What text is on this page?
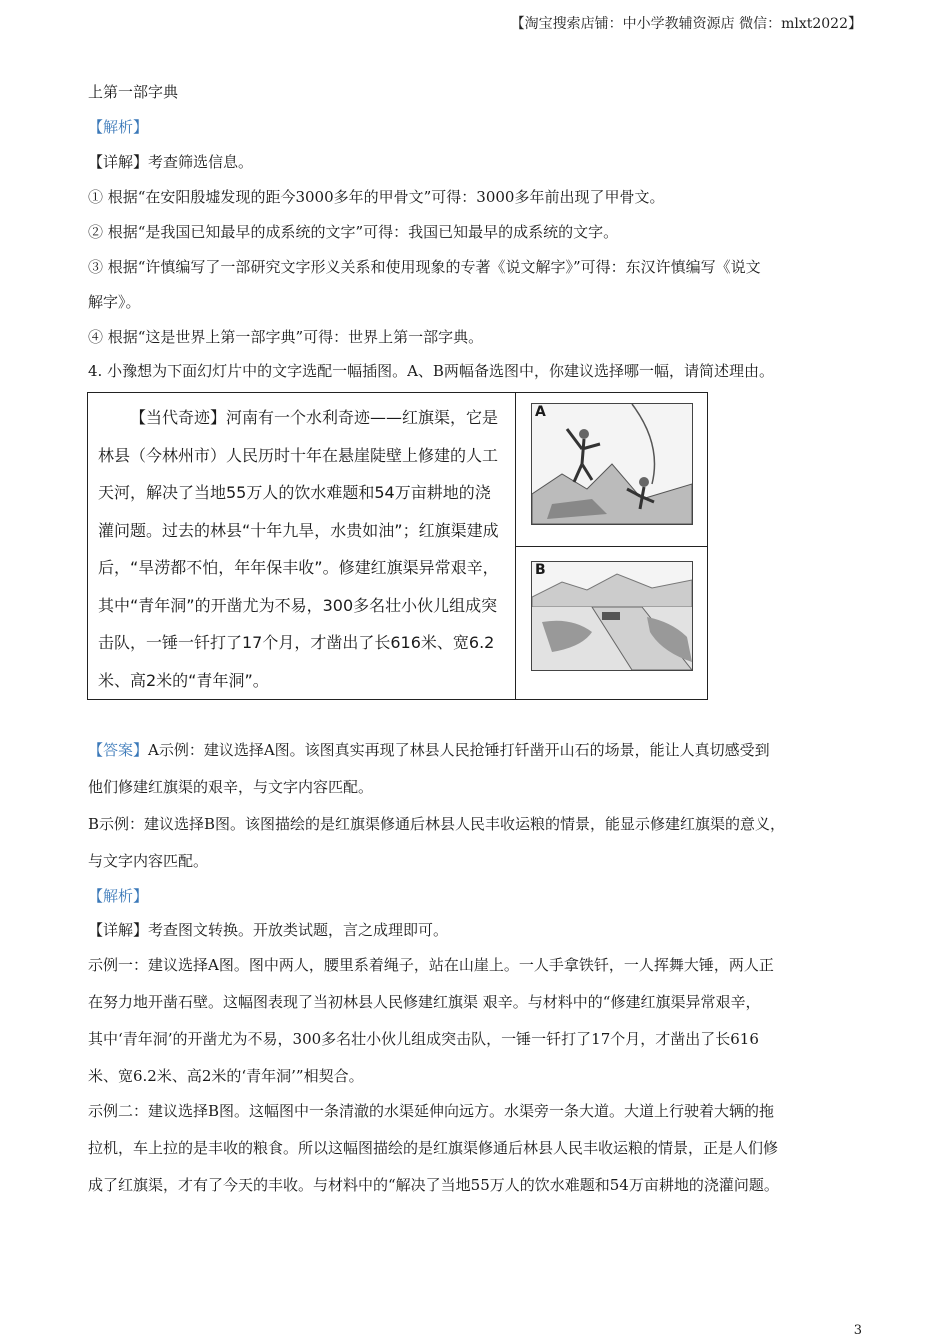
【淘宝搜索店铺：中小学教辅资源店 微信：mlxt2022】
上第一部字典
【解析】
【详解】考查筛选信息。
① 根据“在安阳殷墟发现的距今3000多年的甲骨文”可得：3000多年前出现了甲骨文。
② 根据“是我国已知最早的成系统的文字”可得：我国已知最早的成系统的文字。
③ 根据“许慎编写了一部研究文字形义关系和使用现象的专著《说文解字》”可得：东汉许慎编写《说文
解字》。
④ 根据“这是世界上第一部字典”可得：世界上第一部字典。
4. 小豫想为下面幻灯片中的文字选配一幅插图。A、B两幅备选图中，你建议选择哪一幅，请简述理由。

【当代奇迹】河南有一个水利奇迹——红旗渠，它是林县（今林州市）人民历时十年在悬崖陡壁上修建的人工天河，解决了当地55万人的饮水难题和54万亩耕地的浇灌问题。过去的林县“十年九旱，水贵如油”；红旗渠建成后，“旱涝都不怕，年年保丰收”。修建红旗渠异常艰辛，其中“青年洞”的开凿尤为不易，300多名壮小伙儿组成突击队，一锤一钎打了17个月，才凿出了长616米、宽6.2米、高2米的“青年洞”。

A
B
【答案】A示例：建议选择A图。该图真实再现了林县人民抢锤打钎凿开山石的场景，能让人真切感受到
他们修建红旗渠的艰辛，与文字内容匹配。
B示例：建议选择B图。该图描绘的是红旗渠修通后林县人民丰收运粮的情景，能显示修建红旗渠的意义，
与文字内容匹配。
【解析】
【详解】考查图文转换。开放类试题，言之成理即可。
示例一：建议选择A图。图中两人，腰里系着绳子，站在山崖上。一人手拿铁钎，一人挥舞大锤，两人正
在努力地开凿石壁。这幅图表现了当初林县人民修建红旗渠 艰辛。与材料中的“修建红旗渠异常艰辛，
其中‘青年洞’的开凿尤为不易，300多名壮小伙儿组成突击队，一锤一钎打了17个月，才凿出了长616
米、宽6.2米、高2米的‘青年洞’”相契合。
示例二：建议选择B图。这幅图中一条清澈的水渠延伸向远方。水渠旁一条大道。大道上行驶着大辆的拖
拉机，车上拉的是丰收的粮食。所以这幅图描绘的是红旗渠修通后林县人民丰收运粮的情景，正是人们修
成了红旗渠，才有了今天的丰收。与材料中的“解决了当地55万人的饮水难题和54万亩耕地的浇灌问题。
3
